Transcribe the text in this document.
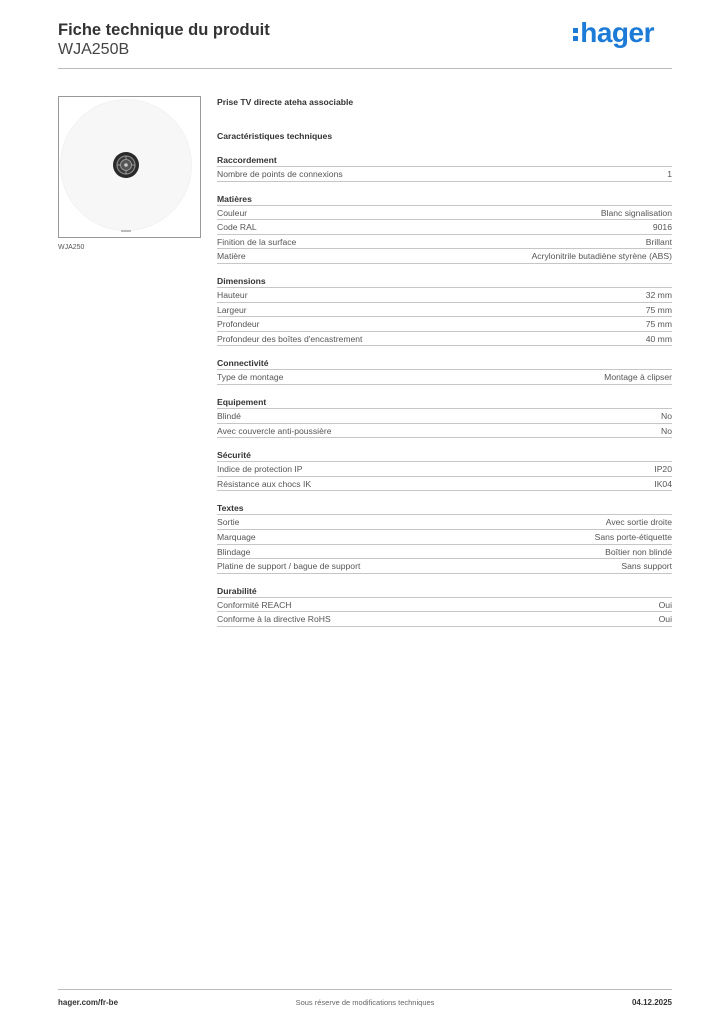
Fiche technique du produit
WJA250B
hager
WJA250
Prise TV directe ateha associable
Caractéristiques techniques
Raccordement
Nombre de points de connexions	1
Matières
Couleur	Blanc signalisation
Code RAL	9016
Finition de la surface	Brillant
Matière	Acrylonitrile butadiène styrène (ABS)
Dimensions
Hauteur	32 mm
Largeur	75 mm
Profondeur	75 mm
Profondeur des boîtes d'encastrement	40 mm
Connectivité
Type de montage	Montage à clipser
Equipement
Blindé	No
Avec couvercle anti-poussière	No
Sécurité
Indice de protection IP	IP20
Résistance aux chocs IK	IK04
Textes
Sortie	Avec sortie droite
Marquage	Sans porte-étiquette
Blindage	Boîtier non blindé
Platine de support / bague de support	Sans support
Durabilité
Conformité REACH	Oui
Conforme à la directive RoHS	Oui
hager.com/fr-be	Sous réserve de modifications techniques	04.12.2025
